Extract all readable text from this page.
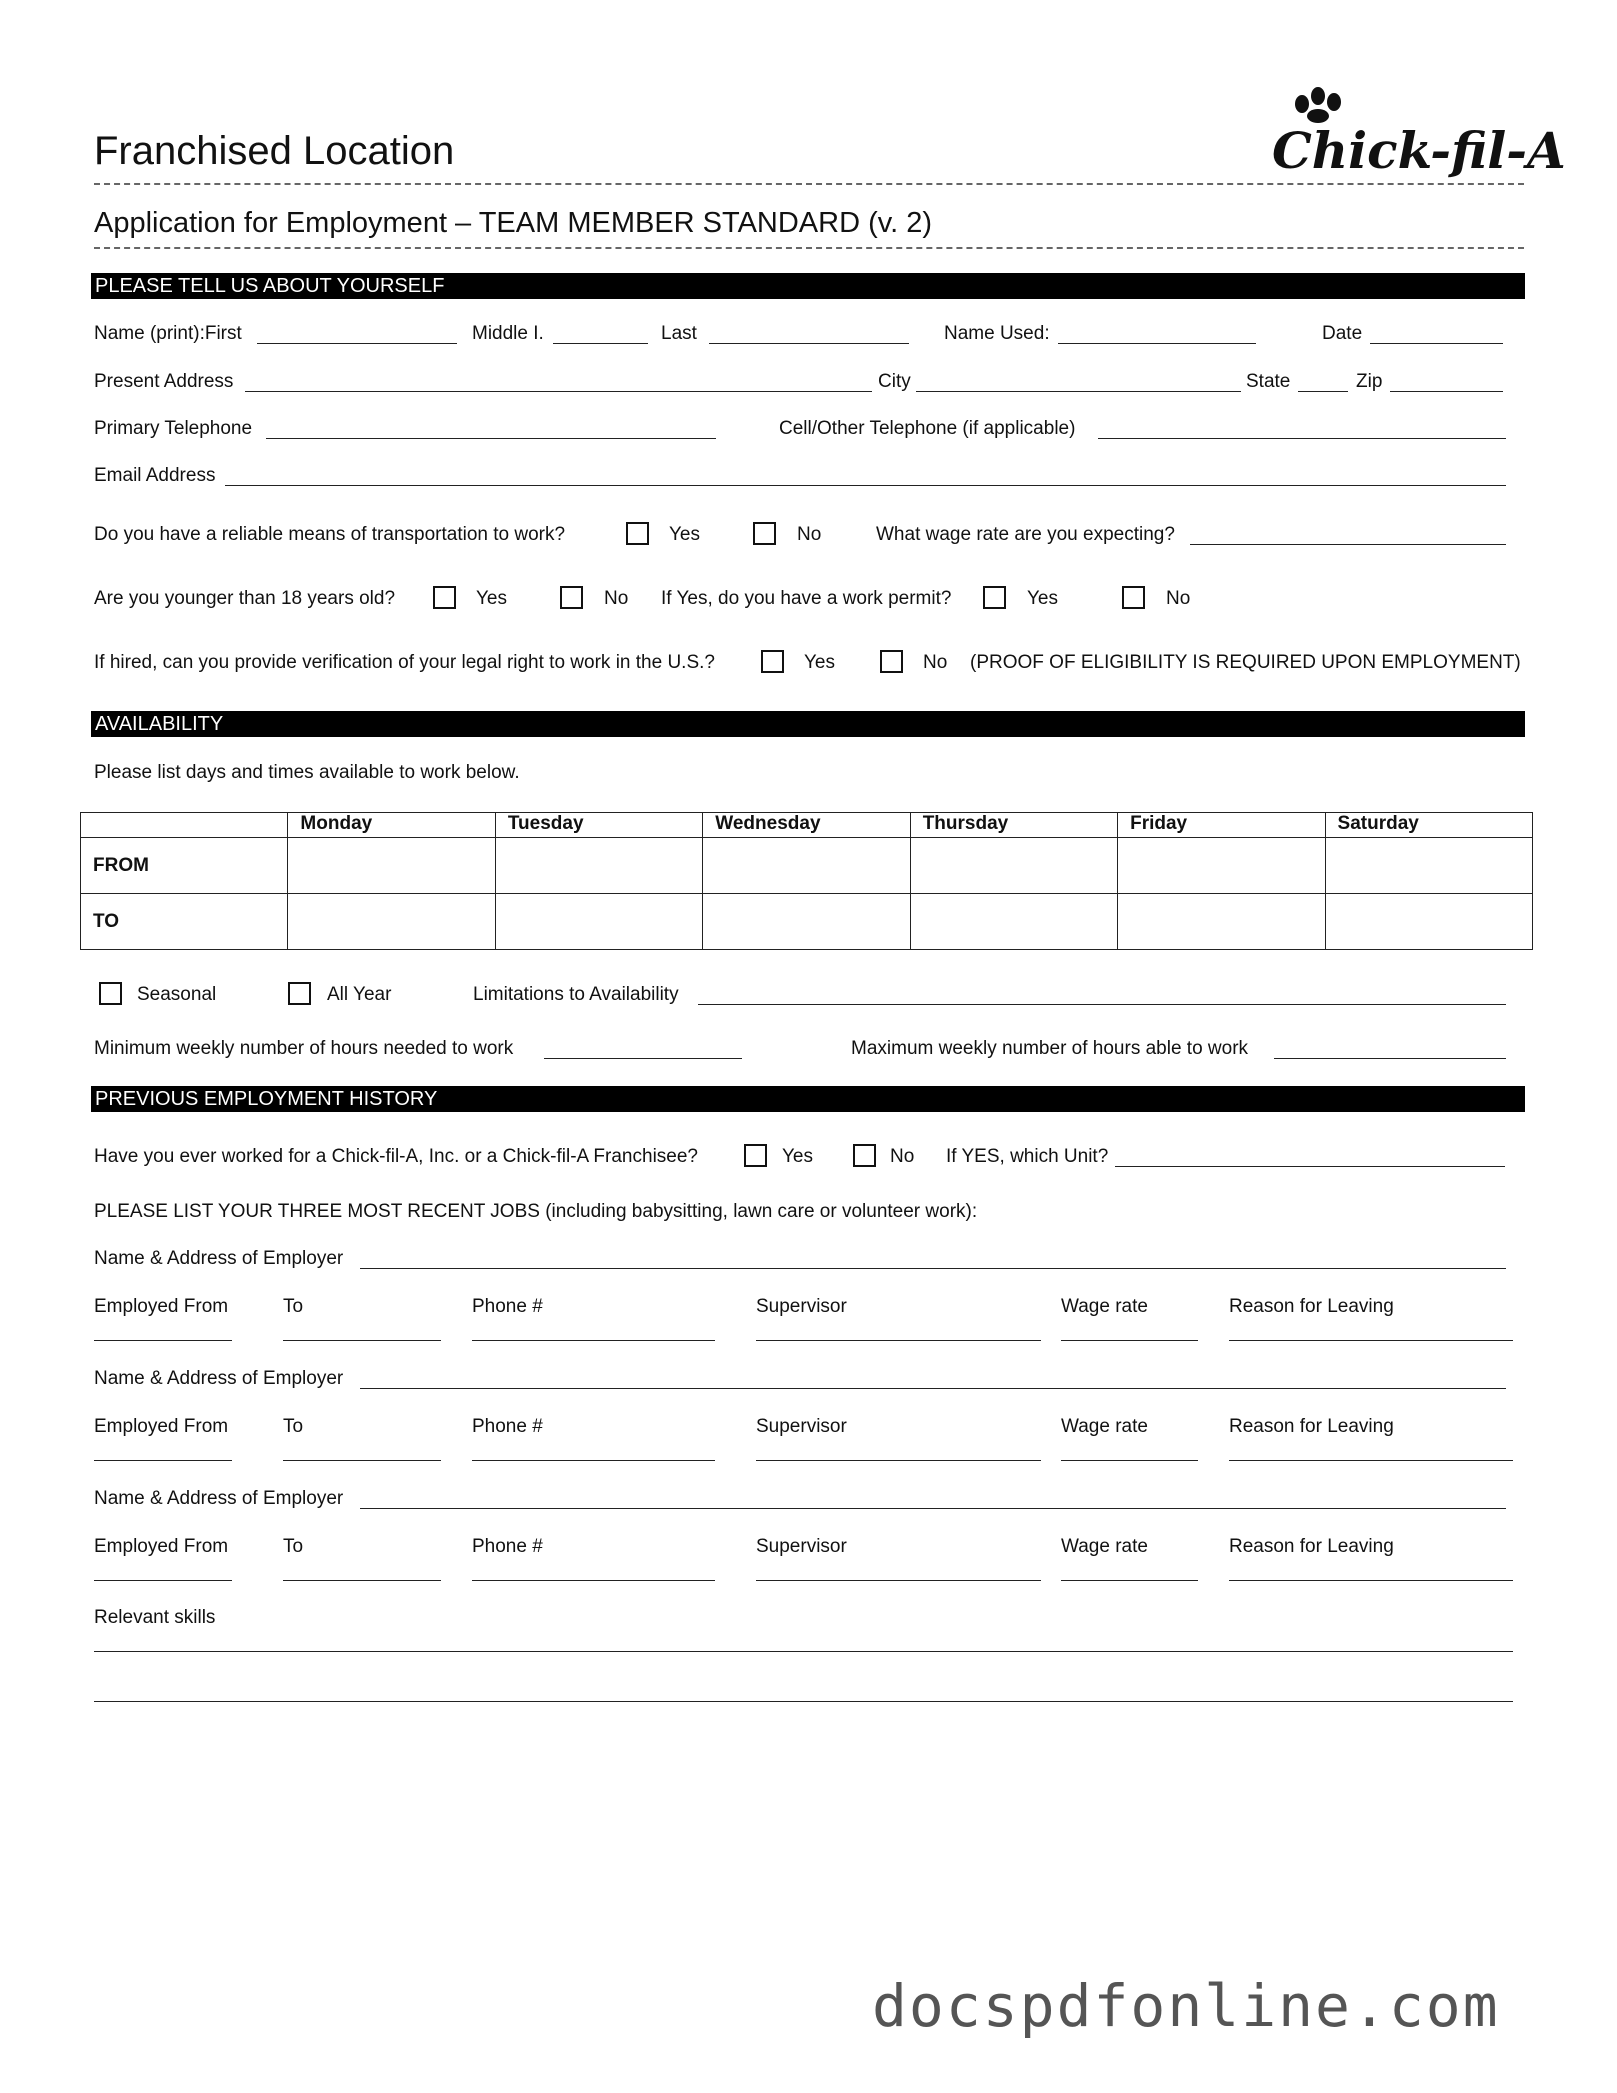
Franchised Location	Chick-fil-A
Application for Employment – TEAM MEMBER STANDARD (v. 2)
PLEASE TELL US ABOUT YOURSELF
Name (print):First	Middle I.	Last	Name Used:	Date
Present Address	City	State	Zip
Primary Telephone	Cell/Other Telephone (if applicable)
Email Address
Do you have a reliable means of transportation to work?	Yes	No	What wage rate are you expecting?
Are you younger than 18 years old?	Yes	No If Yes, do you have a work permit?	Yes	No
If hired, can you provide verification of your legal right to work in the U.S.?	Yes	No (PROOF OF ELIGIBILITY IS REQUIRED UPON EMPLOYMENT)
AVAILABILITY
Please list days and times available to work below.
	Monday	Tuesday	Wednesday	Thursday	Friday	Saturday
FROM						
TO						
Seasonal	All Year	Limitations to Availability
Minimum weekly number of hours needed to work	Maximum weekly number of hours able to work
PREVIOUS EMPLOYMENT HISTORY
Have you ever worked for a Chick-fil-A, Inc. or a Chick-fil-A Franchisee?	Yes	No If YES, which Unit?
PLEASE LIST YOUR THREE MOST RECENT JOBS (including babysitting, lawn care or volunteer work):
Name & Address of Employer
Employed From	To	Phone #	Supervisor	Wage rate	Reason for Leaving
Name & Address of Employer
Employed From	To	Phone #	Supervisor	Wage rate	Reason for Leaving
Name & Address of Employer
Employed From	To	Phone #	Supervisor	Wage rate	Reason for Leaving
Relevant skills
docspdfonline.com
